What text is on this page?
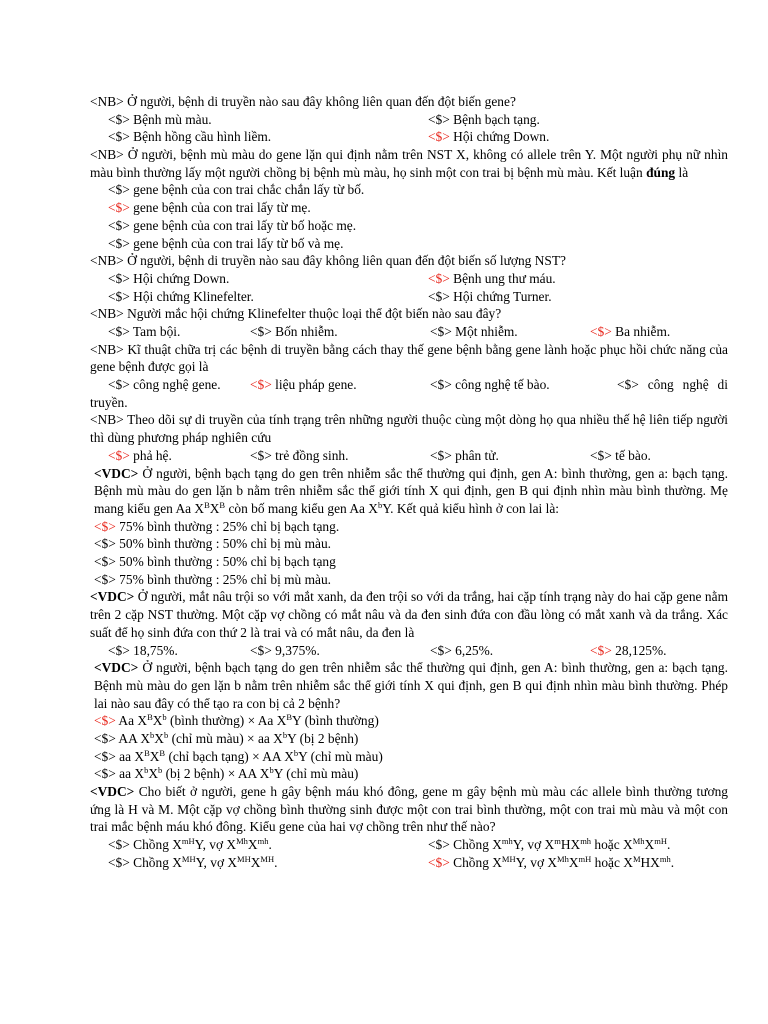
<NB> Ở người, bệnh di truyền nào sau đây không liên quan đến đột biến gene?
<$> Bệnh mù màu.	<$> Bệnh bạch tạng.
<$> Bệnh hồng cầu hình liềm.	<$> Hội chứng Down.
<NB> Ở người, bệnh mù màu do gene lặn qui định nằm trên NST X, không có allele trên Y. Một người phụ nữ nhìn màu bình thường lấy một người chồng bị bệnh mù màu, họ sinh một con trai bị bệnh mù màu. Kết luận đúng là
<$> gene bệnh của con trai chắc chắn lấy từ bố.
<$> gene bệnh của con trai lấy từ mẹ.
<$> gene bệnh của con trai lấy từ bố hoặc mẹ.
<$> gene bệnh của con trai lấy từ bố và mẹ.
<NB> Ở người, bệnh di truyền nào sau đây không liên quan đến đột biến số lượng NST?
<$> Hội chứng Down.	<$> Bệnh ung thư máu.
<$> Hội chứng Klinefelter.	<$> Hội chứng Turner.
<NB> Người mắc hội chứng Klinefelter thuộc loại thể đột biến nào sau đây?
<$> Tam bội.	<$> Bốn nhiễm.	<$> Một nhiễm.	<$> Ba nhiễm.
<NB> Kĩ thuật chữa trị các bệnh di truyền bằng cách thay thế gene bệnh bằng gene lành hoặc phục hồi chức năng của gene bệnh được gọi là
<$> công nghệ gene. <$> liệu pháp gene.	<$> công nghệ tế bào.	<$> công nghệ di
truyền.
<NB> Theo dõi sự di truyền của tính trạng trên những người thuộc cùng một dòng họ qua nhiều thế hệ liên tiếp người thì dùng phương pháp nghiên cứu
<$> phả hệ.	<$> trẻ đồng sinh.	<$> phân tử.	<$> tế bào.
<VDC> Ở người, bệnh bạch tạng do gen trên nhiễm sắc thể thường qui định, gen A: bình thường, gen a: bạch tạng. Bệnh mù màu do gen lặn b nằm trên nhiễm sắc thể giới tính X qui định, gen B qui định nhìn màu bình thường. Mẹ mang kiểu gen Aa $X^BX^B$ còn bố mang kiểu gen Aa $X^bY$. Kết quả kiểu hình ở con lai là:
<$> 75% bình thường : 25% chỉ bị bạch tạng.
<$> 50% bình thường : 50% chỉ bị mù màu.
<$> 50% bình thường : 50% chỉ bị bạch tạng
<$> 75% bình thường : 25% chỉ bị mù màu.
<VDC> Ở người, mắt nâu trội so với mắt xanh, da đen trội so với da trắng, hai cặp tính trạng này do hai cặp gene nằm trên 2 cặp NST thường. Một cặp vợ chồng có mắt nâu và da đen sinh đứa con đầu lòng có mắt xanh và da trắng. Xác suất để họ sinh đứa con thứ 2 là trai và có mắt nâu, da đen là
<$> 18,75%.	<$> 9,375%.	<$> 6,25%.	<$> 28,125%.
<VDC> Ở người, bệnh bạch tạng do gen trên nhiễm sắc thể thường qui định, gen A: bình thường, gen a: bạch tạng. Bệnh mù màu do gen lặn b nằm trên nhiễm sắc thể giới tính X qui định, gen B qui định nhìn màu bình thường. Phép lai nào sau đây có thể tạo ra con bị cả 2 bệnh?
<$> Aa $X^BX^b$ (bình thường) × Aa $X^BY$ (bình thường)
<$> AA $X^bX^b$ (chỉ mù màu) × aa $X^bY$ (bị 2 bệnh)
<$> aa $X^BX^B$ (chỉ bạch tạng) × AA $X^bY$ (chỉ mù màu)
<$> aa $X^bX^b$ (bị 2 bệnh) × AA $X^bY$ (chỉ mù màu)
<VDC> Cho biết ở người, gene h gây bệnh máu khó đông, gene m gây bệnh mù màu các allele bình thường tương ứng là H và M. Một cặp vợ chồng bình thường sinh được một con trai bình thường, một con trai mù màu và một con trai mắc bệnh máu khó đông. Kiểu gene của hai vợ chồng trên như thế nào?
<$> Chồng $X^{mH}Y$, vợ $X^{Mh}X^{mh}$.	<$> Chồng $X^{mh}Y$, vợ $X^mHX^{mh}$ hoặc $X^{Mh}X^{mH}$.
<$> Chồng $X^{MH}Y$, vợ $X^{MH}X^{MH}$.	<$> Chồng $X^{MH}Y$, vợ $X^{Mh}X^{mH}$ hoặc $X^MHX^{mh}$.
